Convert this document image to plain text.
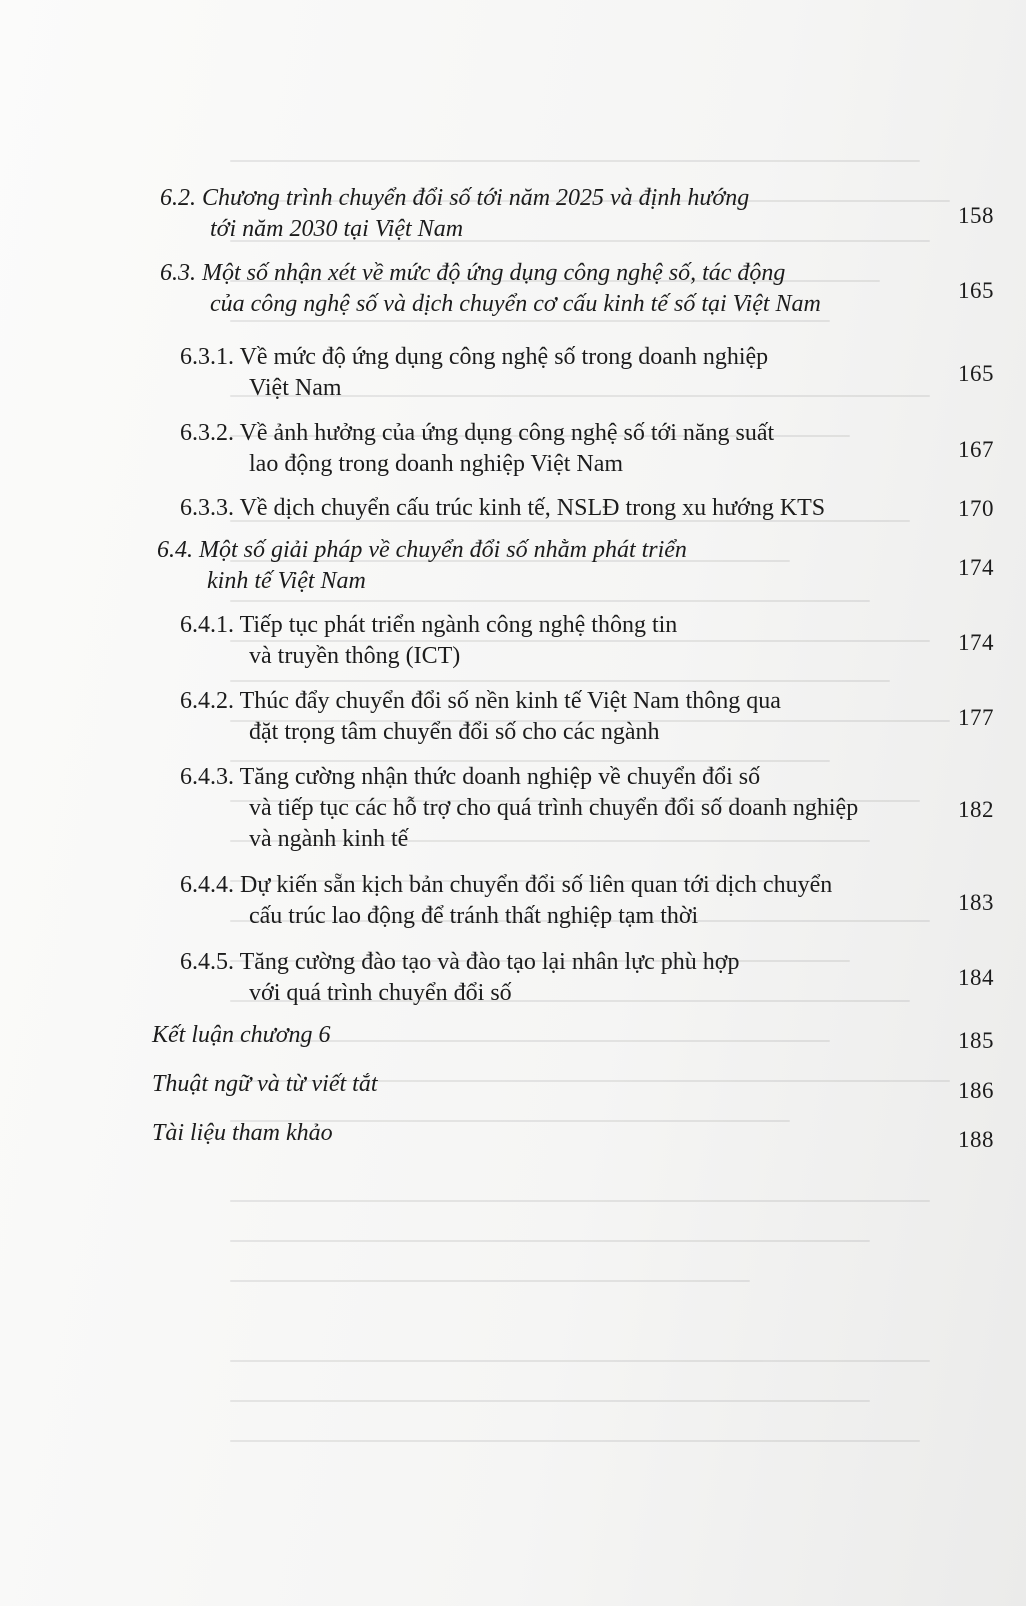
6.2. Chương trình chuyển đổi số tới năm 2025 và định hướng
tới năm 2030 tại Việt Nam
158
6.3. Một số nhận xét về mức độ ứng dụng công nghệ số, tác động
của công nghệ số và dịch chuyển cơ cấu kinh tế số tại Việt Nam
165
6.3.1. Về mức độ ứng dụng công nghệ số trong doanh nghiệp
Việt Nam
165
6.3.2. Về ảnh hưởng của ứng dụng công nghệ số tới năng suất
lao động trong doanh nghiệp Việt Nam
167
6.3.3. Về dịch chuyển cấu trúc kinh tế, NSLĐ trong xu hướng KTS	170
6.4. Một số giải pháp về chuyển đổi số nhằm phát triển
kinh tế Việt Nam
174
6.4.1. Tiếp tục phát triển ngành công nghệ thông tin
và truyền thông (ICT)
174
6.4.2. Thúc đẩy chuyển đổi số nền kinh tế Việt Nam thông qua
đặt trọng tâm chuyển đổi số cho các ngành
177
6.4.3. Tăng cường nhận thức doanh nghiệp về chuyển đổi số
và tiếp tục các hỗ trợ cho quá trình chuyển đổi số doanh nghiệp
và ngành kinh tế
182
6.4.4. Dự kiến sẵn kịch bản chuyển đổi số liên quan tới dịch chuyển
cấu trúc lao động để tránh thất nghiệp tạm thời
183
6.4.5. Tăng cường đào tạo và đào tạo lại nhân lực phù hợp
với quá trình chuyển đổi số
184
Kết luận chương 6	185
Thuật ngữ và từ viết tắt	186
Tài liệu tham khảo	188
